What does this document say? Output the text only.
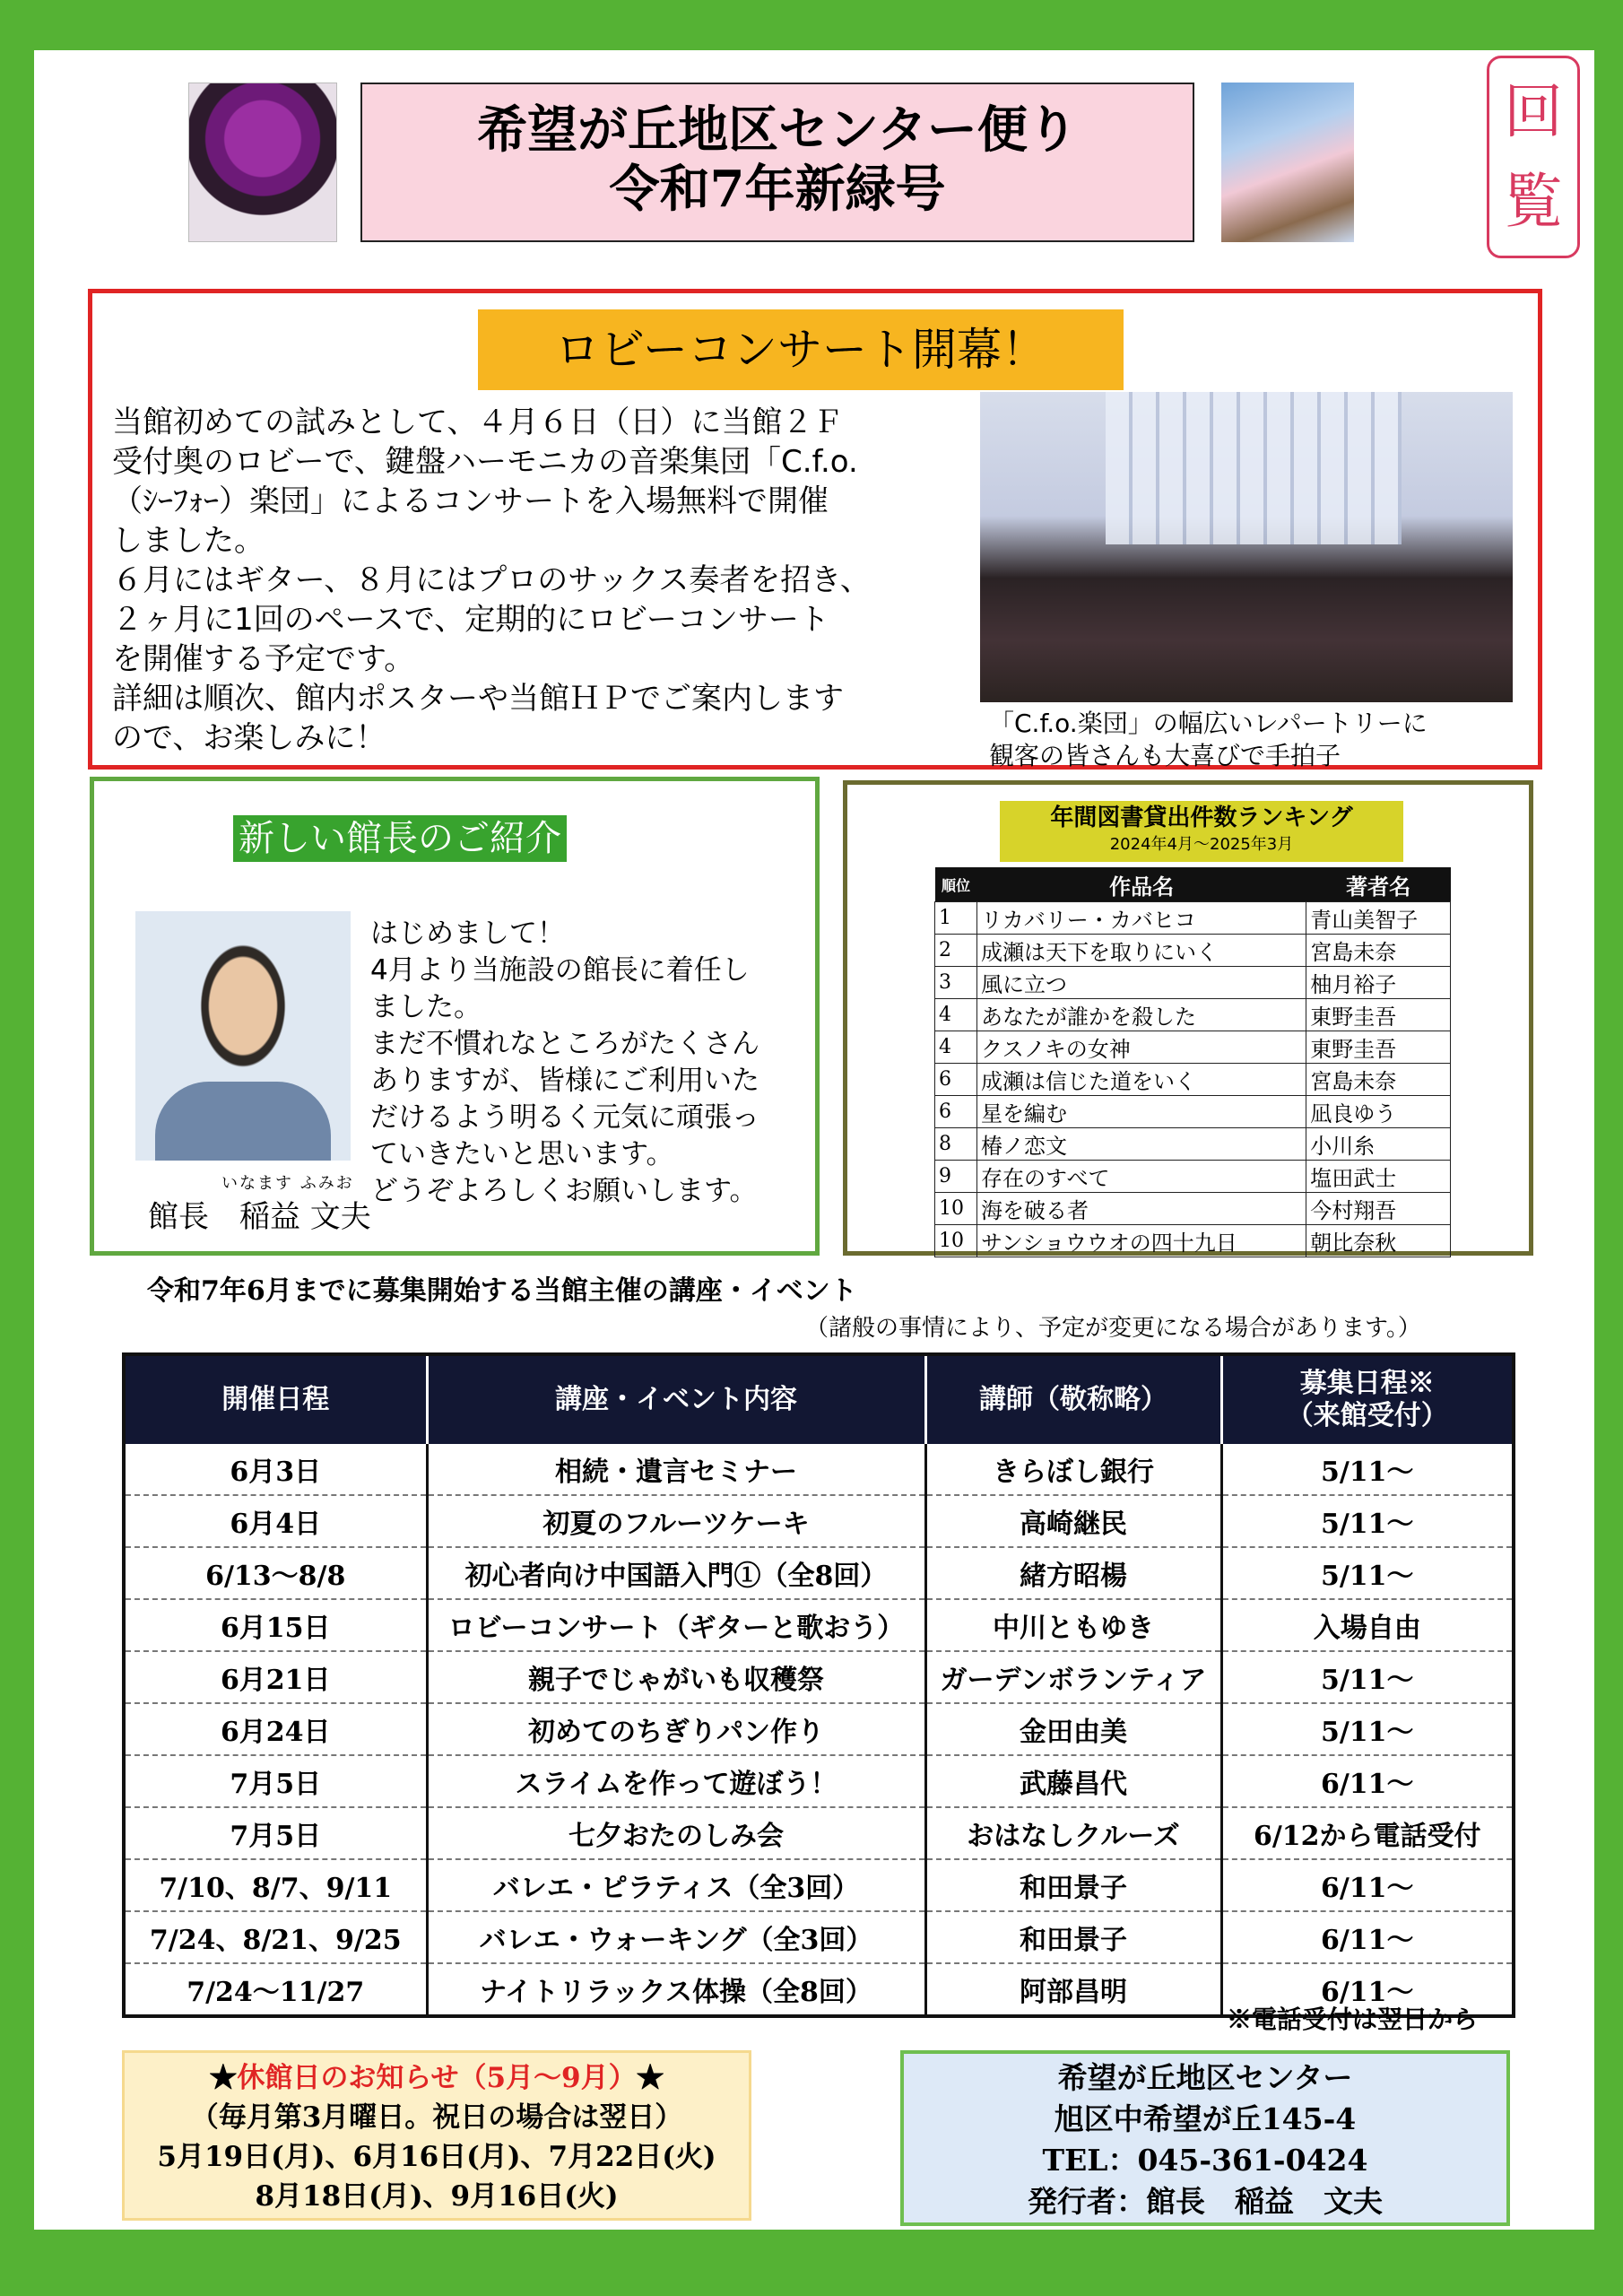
希望が丘地区センター便り
令和7年新緑号
回覧
ロビーコンサート開幕！
当館初めての試みとして、４月６日（日）に当館２Ｆ
受付奥のロビーで、鍵盤ハーモニカの音楽集団「C.f.o.
（ｼｰﾌｫｰ）楽団」によるコンサートを入場無料で開催
しました。
６月にはギター、８月にはプロのサックス奏者を招き、
２ヶ月に1回のペースで、定期的にロビーコンサート
を開催する予定です。
詳細は順次、館内ポスターや当館ＨＰでご案内します
ので、お楽しみに！	「C.f.o.楽団」の幅広いレパートリーに
観客の皆さんも大喜びで手拍子
新しい館長のご紹介
いなます ふみお
館長　稲益 文夫
はじめまして！
4月より当施設の館長に着任し
ました。
まだ不慣れなところがたくさん
ありますが、皆様にご利用いた
だけるよう明るく元気に頑張っ
ていきたいと思います。
どうぞよろしくお願いします。
年間図書貸出件数ランキング
2024年4月～2025年3月
順位	作品名	著者名
1	リカバリー・カバヒコ	青山美智子
2	成瀬は天下を取りにいく	宮島未奈
3	風に立つ	柚月裕子
4	あなたが誰かを殺した	東野圭吾
4	クスノキの女神	東野圭吾
6	成瀬は信じた道をいく	宮島未奈
6	星を編む	凪良ゆう
8	椿ノ恋文	小川糸
9	存在のすべて	塩田武士
10	海を破る者	今村翔吾
10	サンショウウオの四十九日	朝比奈秋
令和7年6月までに募集開始する当館主催の講座・イベント
（諸般の事情により、予定が変更になる場合があります。）
開催日程	講座・イベント内容	講師（敬称略）	募集日程※
（来館受付）

6月3日	相続・遺言セミナー	きらぼし銀行	5/11～
6月4日	初夏のフルーツケーキ	高崎継民	5/11～
6/13～8/8	初心者向け中国語入門①（全8回）	緒方昭楊	5/11～
6月15日	ロビーコンサート（ギターと歌おう）	中川ともゆき	入場自由
6月21日	親子でじゃがいも収穫祭	ガーデンボランティア	5/11～
6月24日	初めてのちぎりパン作り	金田由美	5/11～
7月5日	スライムを作って遊ぼう！	武藤昌代	6/11～
7月5日	七夕おたのしみ会	おはなしクルーズ	6/12から電話受付
7/10、8/7、9/11	バレエ・ピラティス（全3回）	和田景子	6/11～
7/24、8/21、9/25	バレエ・ウォーキング（全3回）	和田景子	6/11～
7/24～11/27	ナイトリラックス体操（全8回）	阿部昌明	6/11～
※電話受付は翌日から
★休館日のお知らせ（5月～9月）★
（毎月第3月曜日。祝日の場合は翌日）
5月19日(月)、6月16日(月)、7月22日(火)
8月18日(月)、9月16日(火)
希望が丘地区センター
旭区中希望が丘145-4
TEL：045-361-0424
発行者：館長　稲益　文夫
